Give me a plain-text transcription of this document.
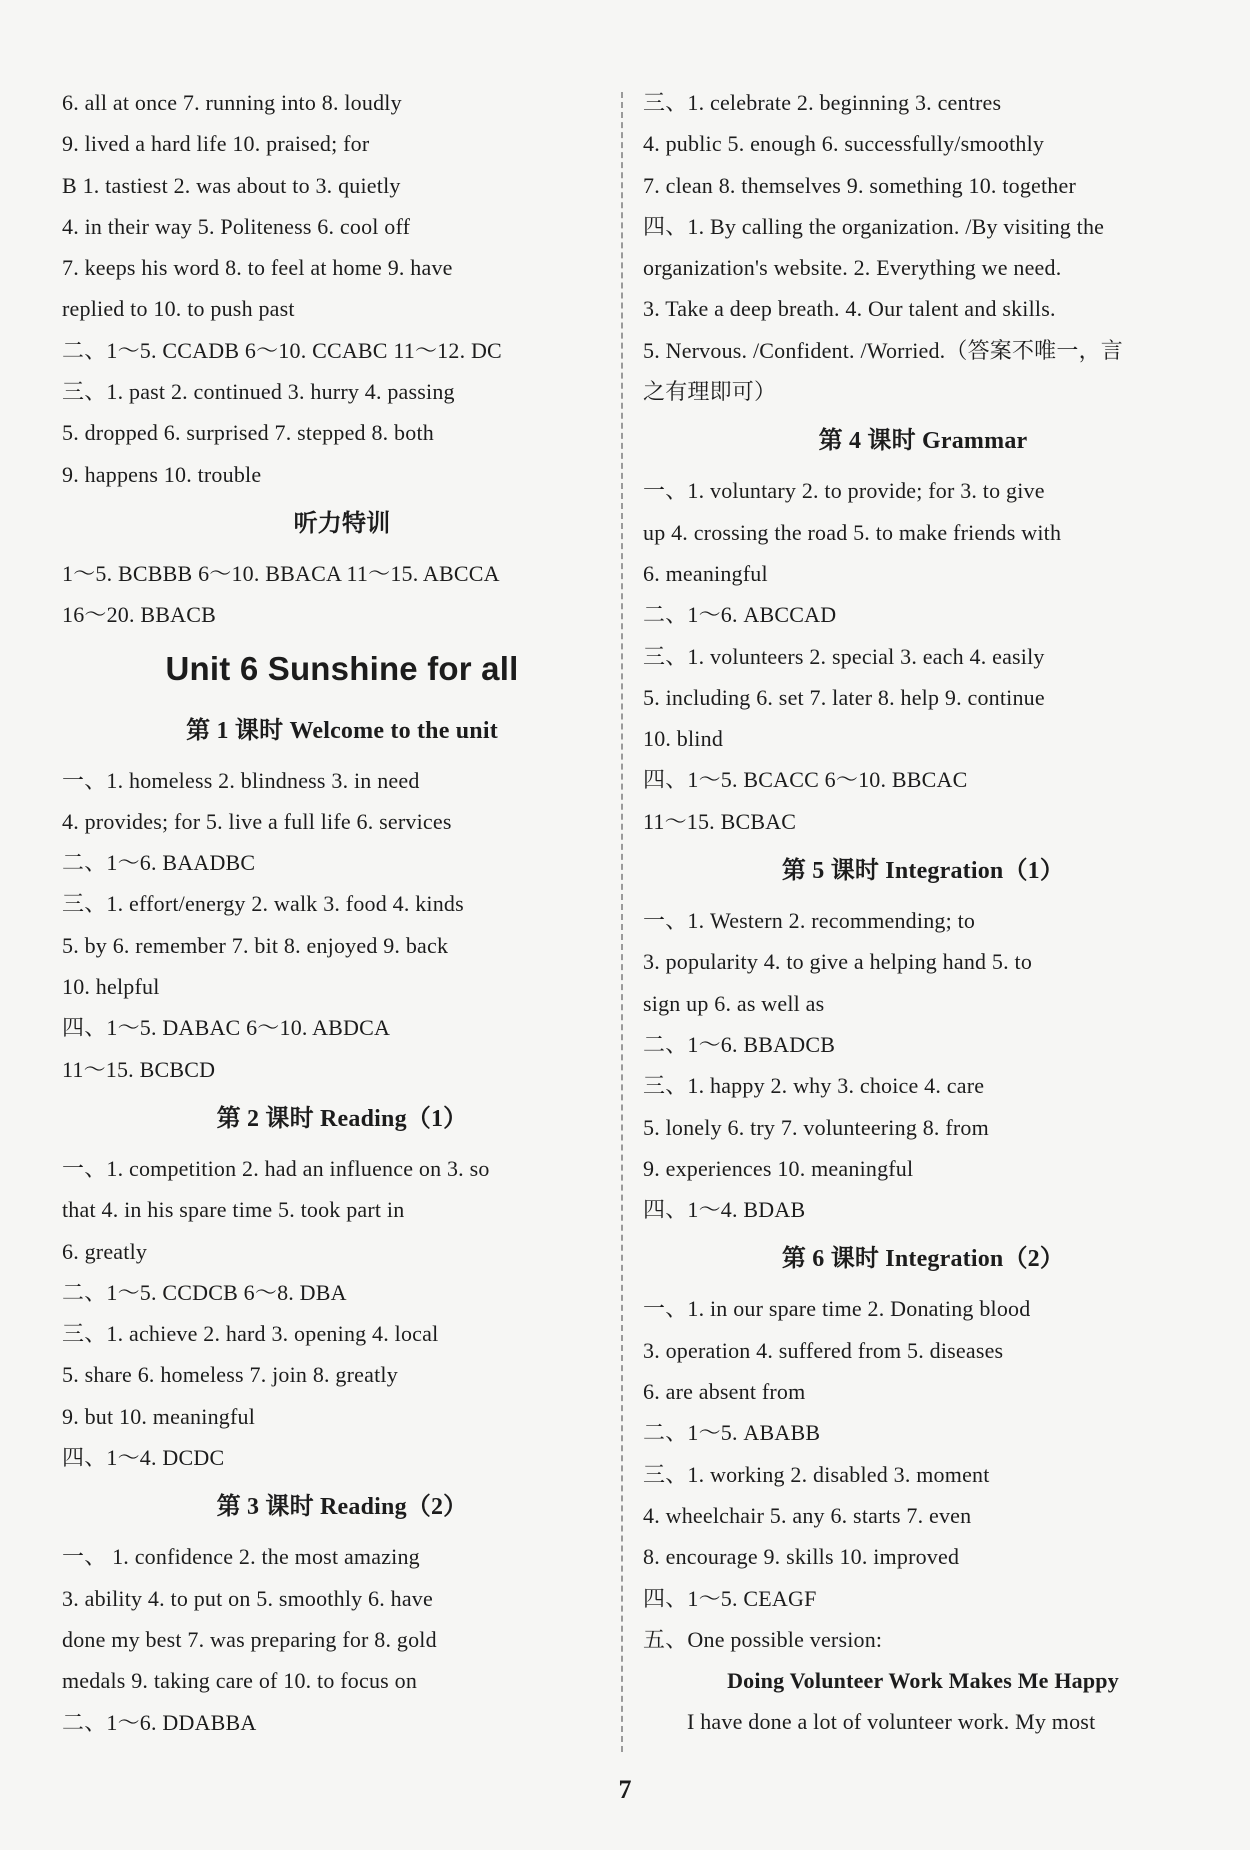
6. all at once 7. running into 8. loudly
9. lived a hard life 10. praised; for
B 1. tastiest 2. was about to 3. quietly
4. in their way 5. Politeness 6. cool off
7. keeps his word 8. to feel at home 9. have
replied to 10. to push past
二、1～5. CCADB 6～10. CCABC 11～12. DC
三、1. past 2. continued 3. hurry 4. passing
5. dropped 6. surprised 7. stepped 8. both
9. happens 10. trouble
听力特训
1～5. BCBBB 6～10. BBACA 11～15. ABCCA
16～20. BBACB
Unit 6 Sunshine for all
第 1 课时 Welcome to the unit
一、1. homeless 2. blindness 3. in need
4. provides; for 5. live a full life 6. services
二、1～6. BAADBC
三、1. effort/energy 2. walk 3. food 4. kinds
5. by 6. remember 7. bit 8. enjoyed 9. back
10. helpful
四、1～5. DABAC 6～10. ABDCA
11～15. BCBCD
第 2 课时 Reading（1）
一、1. competition 2. had an influence on 3. so
that 4. in his spare time 5. took part in
6. greatly
二、1～5. CCDCB 6～8. DBA
三、1. achieve 2. hard 3. opening 4. local
5. share 6. homeless 7. join 8. greatly
9. but 10. meaningful
四、1～4. DCDC
第 3 课时 Reading（2）
一、 1. confidence 2. the most amazing
3. ability 4. to put on 5. smoothly 6. have
done my best 7. was preparing for 8. gold
medals 9. taking care of 10. to focus on
二、1～6. DDABBA
三、1. celebrate 2. beginning 3. centres
4. public 5. enough 6. successfully/smoothly
7. clean 8. themselves 9. something 10. together
四、1. By calling the organization. /By visiting the
organization's website. 2. Everything we need.
3. Take a deep breath. 4. Our talent and skills.
5. Nervous. /Confident. /Worried.（答案不唯一，言
之有理即可）
第 4 课时 Grammar
一、1. voluntary 2. to provide; for 3. to give
up 4. crossing the road 5. to make friends with
6. meaningful
二、1～6. ABCCAD
三、1. volunteers 2. special 3. each 4. easily
5. including 6. set 7. later 8. help 9. continue
10. blind
四、1～5. BCACC 6～10. BBCAC
11～15. BCBAC
第 5 课时 Integration（1）
一、1. Western 2. recommending; to
3. popularity 4. to give a helping hand 5. to
sign up 6. as well as
二、1～6. BBADCB
三、1. happy 2. why 3. choice 4. care
5. lonely 6. try 7. volunteering 8. from
9. experiences 10. meaningful
四、1～4. BDAB
第 6 课时 Integration（2）
一、1. in our spare time 2. Donating blood
3. operation 4. suffered from 5. diseases
6. are absent from
二、1～5. ABABB
三、1. working 2. disabled 3. moment
4. wheelchair 5. any 6. starts 7. even
8. encourage 9. skills 10. improved
四、1～5. CEAGF
五、One possible version:
Doing Volunteer Work Makes Me Happy
I have done a lot of volunteer work. My most
7
